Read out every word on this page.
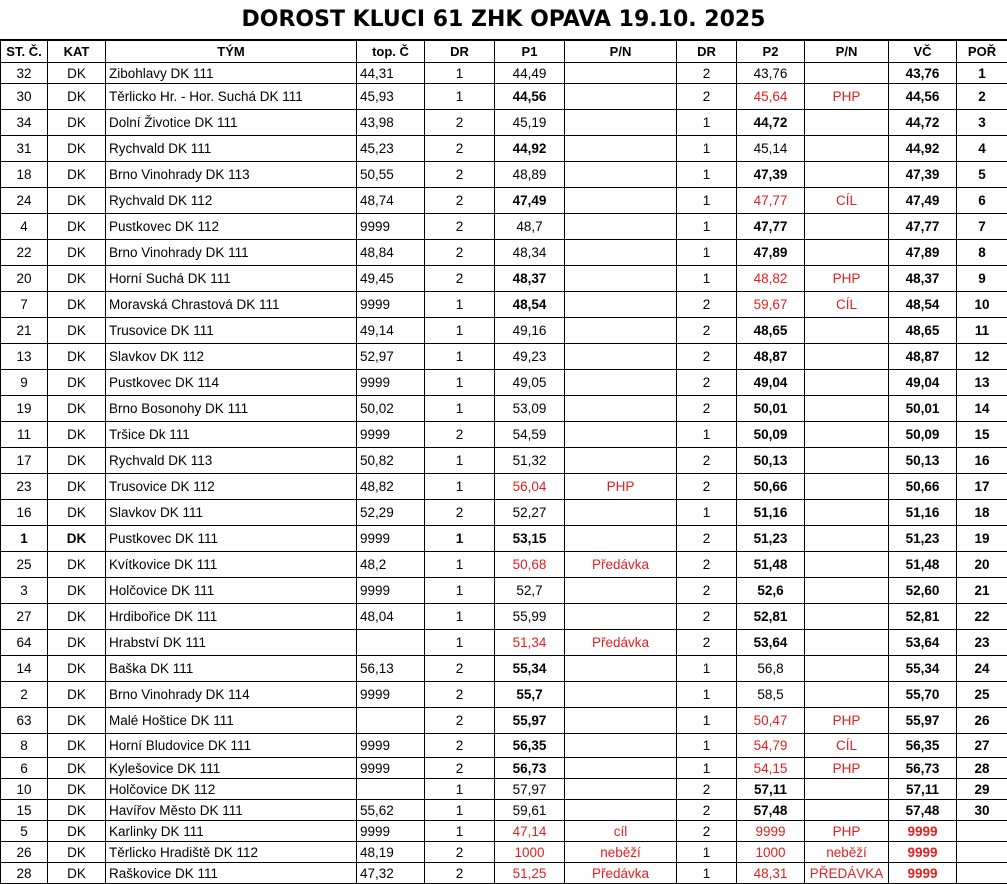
DOROST KLUCI 61 ZHK OPAVA 19.10. 2025
ST. Č.	KAT	TÝM	top. Č	DR	P1	P/N	DR	P2	P/N	VČ	POŘ
32	DK	Zibohlavy DK 111	44,31	1	44,49		2	43,76		43,76	1
30	DK	Těrlicko Hr. - Hor. Suchá DK 111	45,93	1	44,56		2	45,64	PHP	44,56	2
34	DK	Dolní Životice DK 111	43,98	2	45,19		1	44,72		44,72	3
31	DK	Rychvald DK 111	45,23	2	44,92		1	45,14		44,92	4
18	DK	Brno Vinohrady DK 113	50,55	2	48,89		1	47,39		47,39	5
24	DK	Rychvald DK 112	48,74	2	47,49		1	47,77	CÍL	47,49	6
4	DK	Pustkovec DK 112	9999	2	48,7		1	47,77		47,77	7
22	DK	Brno Vinohrady DK 111	48,84	2	48,34		1	47,89		47,89	8
20	DK	Horní Suchá DK 111	49,45	2	48,37		1	48,82	PHP	48,37	9
7	DK	Moravská Chrastová DK 111	9999	1	48,54		2	59,67	CÍL	48,54	10
21	DK	Trusovice DK 111	49,14	1	49,16		2	48,65		48,65	11
13	DK	Slavkov DK 112	52,97	1	49,23		2	48,87		48,87	12
9	DK	Pustkovec DK 114	9999	1	49,05		2	49,04		49,04	13
19	DK	Brno Bosonohy DK 111	50,02	1	53,09		2	50,01		50,01	14
11	DK	Tršice Dk 111	9999	2	54,59		1	50,09		50,09	15
17	DK	Rychvald DK 113	50,82	1	51,32		2	50,13		50,13	16
23	DK	Trusovice DK 112	48,82	1	56,04	PHP	2	50,66		50,66	17
16	DK	Slavkov DK 111	52,29	2	52,27		1	51,16		51,16	18
1	DK	Pustkovec DK 111	9999	1	53,15		2	51,23		51,23	19
25	DK	Kvítkovice DK 111	48,2	1	50,68	Předávka	2	51,48		51,48	20
3	DK	Holčovice DK 111	9999	1	52,7		2	52,6		52,60	21
27	DK	Hrdibořice DK 111	48,04	1	55,99		2	52,81		52,81	22
64	DK	Hrabství DK 111		1	51,34	Předávka	2	53,64		53,64	23
14	DK	Baška DK 111	56,13	2	55,34		1	56,8		55,34	24
2	DK	Brno Vinohrady DK 114	9999	2	55,7		1	58,5		55,70	25
63	DK	Malé Hoštice DK 111		2	55,97		1	50,47	PHP	55,97	26
8	DK	Horní Bludovice DK 111	9999	2	56,35		1	54,79	CÍL	56,35	27
6	DK	Kylešovice DK 111	9999	2	56,73		1	54,15	PHP	56,73	28
10	DK	Holčovice DK 112		1	57,97		2	57,11		57,11	29
15	DK	Havířov Město DK 111	55,62	1	59,61		2	57,48		57,48	30
5	DK	Karlinky DK 111	9999	1	47,14	cíl	2	9999	PHP	9999	
26	DK	Těrlicko Hradiště DK 112	48,19	2	1000	neběží	1	1000	neběží	9999	
28	DK	Raškovice DK 111	47,32	2	51,25	Předávka	1	48,31	PŘEDÁVKA	9999	
